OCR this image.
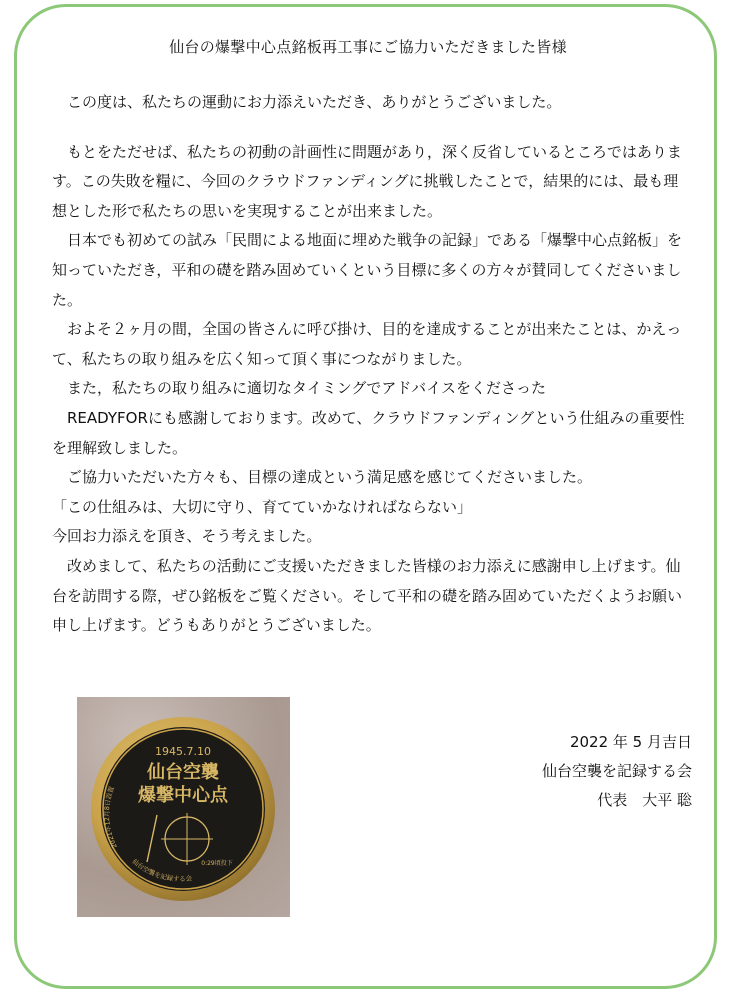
仙台の爆撃中心点銘板再工事にご協力いただきました皆様

　この度は、私たちの運動にお力添えいただき、ありがとうございました。

　もとをただせば、私たちの初動の計画性に問題があり，深く反省しているところではあります。この失敗を糧に、今回のクラウドファンディングに挑戦したことで，結果的には、最も理想とした形で私たちの思いを実現することが出来ました。

　日本でも初めての試み「民間による地面に埋めた戦争の記録」である「爆撃中心点銘板」を知っていただき，平和の礎を踏み固めていくという目標に多くの方々が賛同してくださいました。

　およそ２ヶ月の間，全国の皆さんに呼び掛け、目的を達成することが出来たことは、かえって、私たちの取り組みを広く知って頂く事につながりました。

　また，私たちの取り組みに適切なタイミングでアドバイスをくださった
　READYFORにも感謝しております。改めて、クラウドファンディングという仕組みの重要性を理解致しました。

　ご協力いただいた方々も、目標の達成という満足感を感じてくださいました。

「この仕組みは、大切に守り、育てていかなければならない」

今回お力添えを頂き、そう考えました。

　改めまして、私たちの活動にご支援いただきました皆様のお力添えに感謝申し上げます。仙台を訪問する際，ぜひ銘板をご覧ください。そして平和の礎を踏み固めていただくようお願い申し上げます。どうもありがとうございました。

1945.7.10
仙台空襲
爆撃中心点
0:29頃投下
2021年12月8日設置
仙台空襲を記録する会
2022 年 5 月吉日
仙台空襲を記録する会
代表　大平 聡
